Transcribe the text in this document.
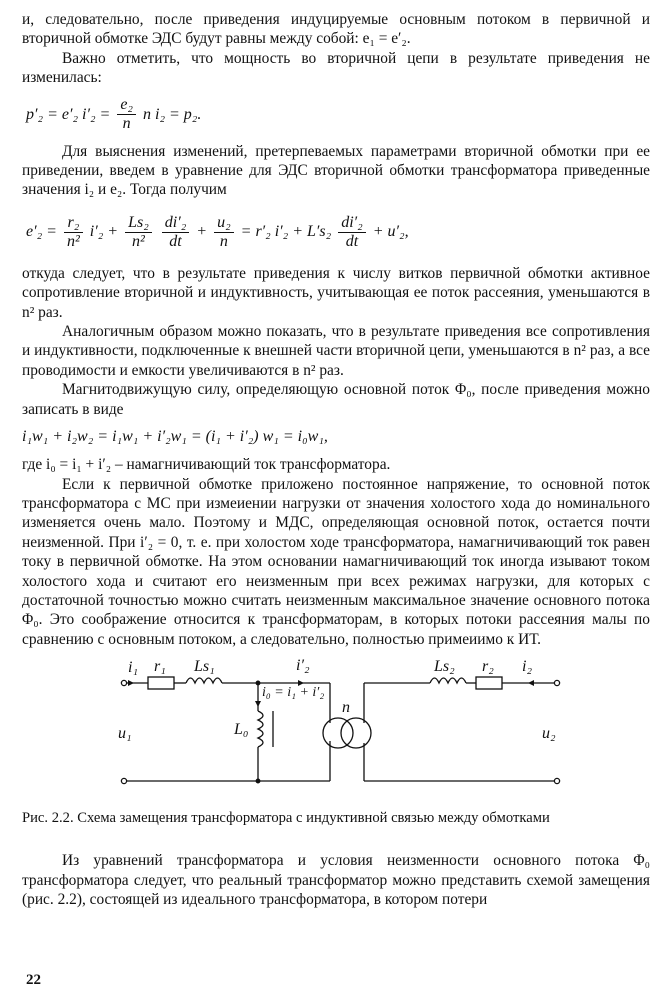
и, следовательно, после приведения индуцируемые основным потоком в первичной и вторичной обмотке ЭДС будут равны между собой: e₁ = e′₂.

Важно отметить, что мощность во вторичной цепи в результате приведения не изменилась:

p′₂ = e′₂ $i'_2 = \frac{\text{e₂}}{n}$ n i₂ = p₂.

Для выяснения изменений, претерпеваемых параметрами вторичной обмотки при ее приведении, введем в уравнение для ЭДС вторичной обмотки трансформатора приведенные значения i₂ и e₂. Тогда получим

$e'_2 = \frac{\text{r₂}}{\text{n²}} i'_2 + \frac{\text{Ls₂}}{\text{n²}}$
$\frac{\text{di′₂}}{dt} + \frac{\text{u₂}}{n} = r'_2$ $i'_2 + L's_2 \frac{\text{di′₂}}{dt} + u'_2$,

откуда следует, что в результате приведения к числу витков первичной обмотки активное сопротивление вторичной и индуктивность, учитывающая ее поток рассеяния, уменьшаются в n² раз.

Аналогичным образом можно показать, что в результате приведения все сопротивления и индуктивности, подключенные к внешней части вторичной цепи, уменьшаются в n² раз, а все проводимости и емкости увеличиваются в n² раз.

Магнитодвижущую силу, определяющую основной поток Φ₀, после приведения можно записать в виде

i₁w₁ + i₂w₂ = i₁w₁ + i′₂w₁ = (i₁ + i′₂) w₁ = i₀w₁,

где i₀ = i₁ + i′₂ – намагничивающий ток трансформатора.

Если к первичной обмотке приложено постоянное напряжение, то основной поток трансформатора с МС при измеиении нагрузки от значения холостого хода до номинального изменяется очень мало. Поэтому и МДС, определяющая основной поток, остается почти неизменной. При i′₂ = 0, т. е. при холостом ходе трансформатора, намагничивающий ток равен току в первичной обмотке. На этом основании намагничивающий ток иногда изывают током холостого хода и считают его неизменным при всех режимах нагрузки, для которых с достаточной точностью можно считать неизменным максимальное значение основного потока Φ₀. Это соображение относится к трансформаторам, в которых потоки рассеяния малы по сравнению с основным потоком, а следовательно, полностью примеиимо к ИТ.

i₁ r₁ Ls₁	i′₂
i₀ = i₁ + i′₂
L₀
n
Ls₂ r₂ i₂
u₁	u₂
Рис. 2.2. Схема замещения трансформатора с индуктивной связью между обмотками

Из уравнений трансформатора и условия неизменности основного потока Φ₀ трансформатора следует, что реальный трансформатор можно представить схемой замещения (рис. 2.2), состоящей из идеального трансформатора, в котором потери

22
